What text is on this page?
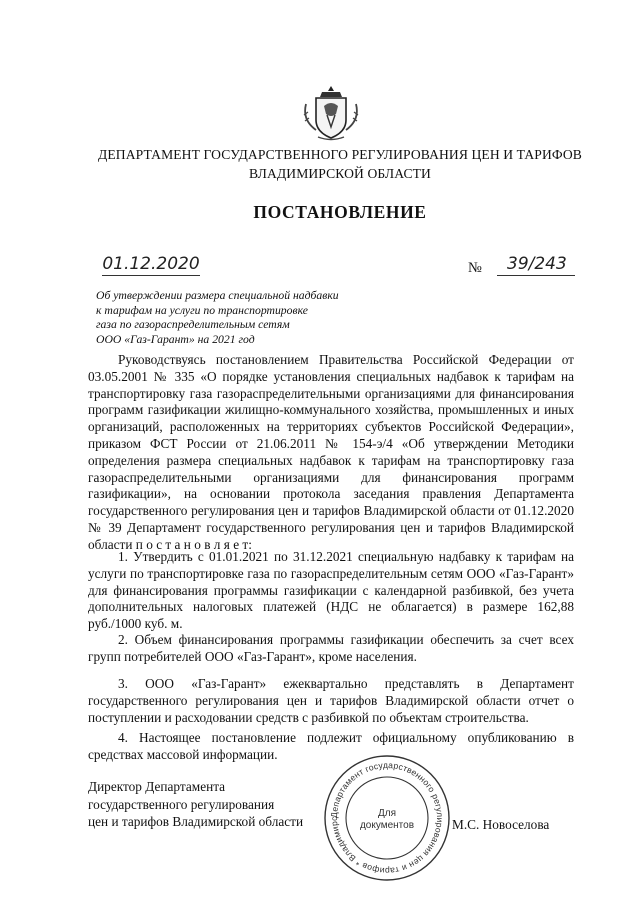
ДЕПАРТАМЕНТ ГОСУДАРСТВЕННОГО РЕГУЛИРОВАНИЯ ЦЕН И ТАРИФОВ
ВЛАДИМИРСКОЙ ОБЛАСТИ
ПОСТАНОВЛЕНИЕ
01.12.2020	№	39/243
Об утверждении размера специальной надбавки
к тарифам на услуги по транспортировке
газа по газораспределительным сетям
ООО «Газ-Гарант» на 2021 год
Руководствуясь постановлением Правительства Российской Федерации от 03.05.2001 № 335 «О порядке установления специальных надбавок к тарифам на транспортировку газа газораспределительными организациями для финансирования программ газификации жилищно-коммунального хозяйства, промышленных и иных организаций, расположенных на территориях субъектов Российской Федерации», приказом ФСТ России от 21.06.2011 № 154-э/4 «Об утверждении Методики определения размера специальных надбавок к тарифам на транспортировку газа газораспределительными организациями для финансирования программ газификации», на основании протокола заседания правления Департамента государственного регулирования цен и тарифов Владимирской области от 01.12.2020 № 39 Департамент государственного регулирования цен и тарифов Владимирской области п о с т а н о в л я е т:
1. Утвердить с 01.01.2021 по 31.12.2021 специальную надбавку к тарифам на услуги по транспортировке газа по газораспределительным сетям ООО «Газ-Гарант» для финансирования программы газификации с календарной разбивкой, без учета дополнительных налоговых платежей (НДС не облагается) в размере 162,88 руб./1000 куб. м.
2. Объем финансирования программы газификации обеспечить за счет всех групп потребителей ООО «Газ-Гарант», кроме населения.
3. ООО «Газ-Гарант» ежеквартально представлять в Департамент государственного регулирования цен и тарифов Владимирской области отчет о поступлении и расходовании средств с разбивкой по объектам строительства.
4. Настоящее постановление подлежит официальному опубликованию в средствах массовой информации.
Директор Департамента
государственного регулирования
цен и тарифов Владимирской области	Департамент государственного регулирования цен и тарифов * Владимирс	Для
документов	М.С. Новоселова
